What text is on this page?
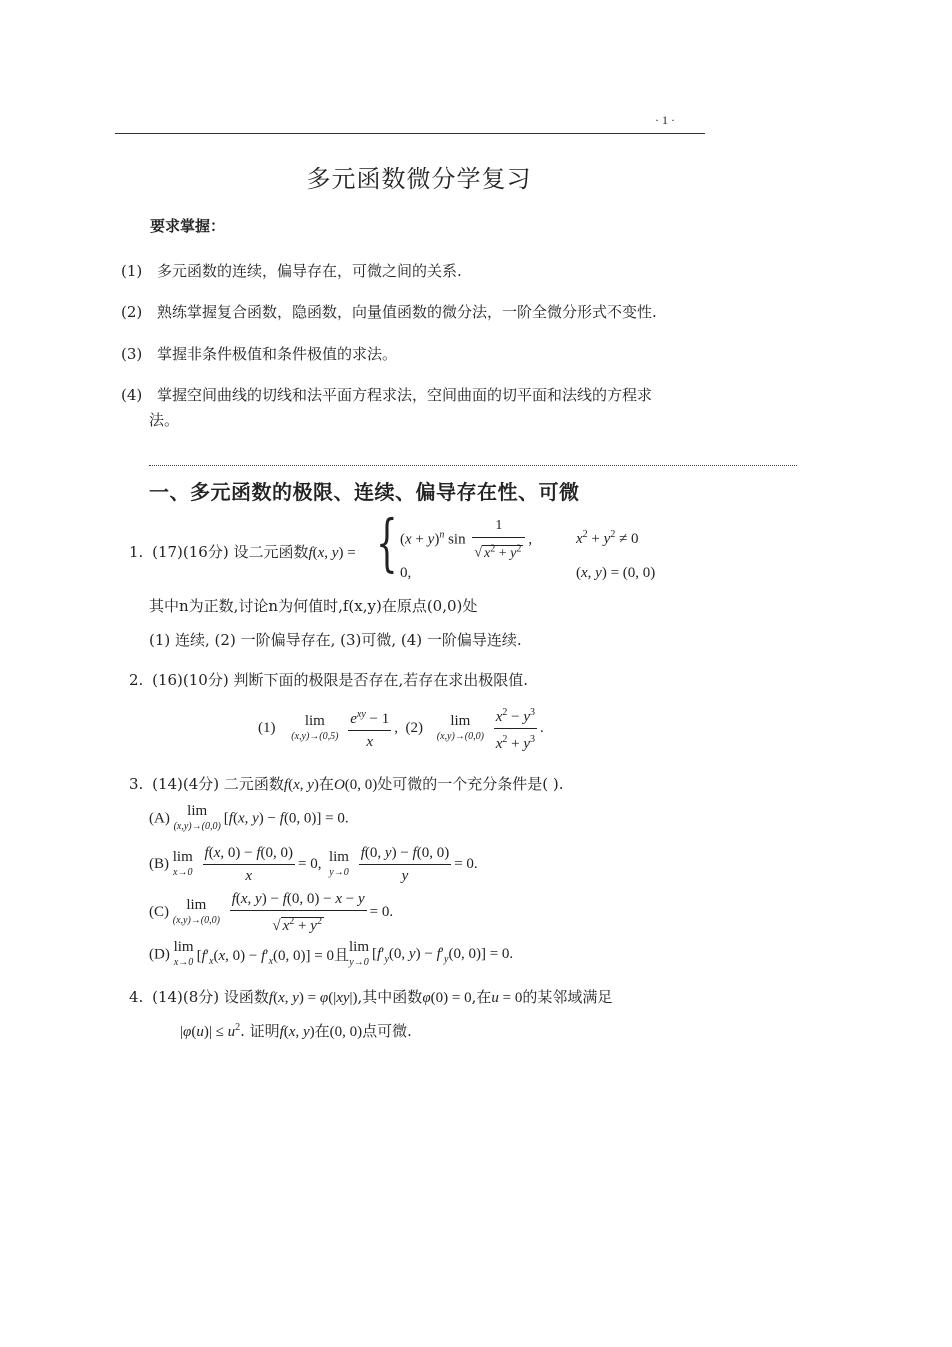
· 1 ·
多元函数微分学复习
要求掌握：
(1) 多元函数的连续，偏导存在，可微之间的关系.
(2) 熟练掌握复合函数，隐函数，向量值函数的微分法，一阶全微分形式不变性.
(3) 掌握非条件极值和条件极值的求法。
(4) 掌握空间曲线的切线和法平面方程求法，空间曲面的切平面和法线的方程求
法。
一、多元函数的极限、连续、偏导存在性、可微
1. (17)(16分) 设二元函数f(x, y) = { $(x + y)^n$ $\sin \frac{1}{√ x^2 + y^2}$ ,	$x^2 + y^2 \ne 0$
0,	(x, y) = (0, 0)
其中n为正数,讨论n为何值时,f(x,y)在原点(0,0)处
(1) 连续, (2) 一阶偏导存在, (3)可微, (4) 一阶偏导连续.
2. (16)(10分) 判断下面的极限是否存在,若存在求出极限值.
(1) lim
(x,y)→(0,5)
$\frac{e^{xy} - 1}{x}$ ,  (2) lim
(x,y)→(0,0)
$\frac{x^2 - y^3}{x^2 + y^3}$ .
3. (14)(4分) 二元函数f(x, y)在O(0, 0)处可微的一个充分条件是( ).
(A) lim
(x,y)→(0,0) [f(x, y) − f(0, 0)] = 0.
(B) lim
x→0
$\frac{f(x, 0) - f(0, 0)}{x} = 0$,  lim
y→0
$\frac{f(0, y) - f(0, 0)}{y} = 0$.
(C) lim
(x,y)→(0,0)
$\frac{f(x, y) - f(0, 0) - x - y}{√ x^2 + y^2} = 0$.
(D) lim
x→0 [$f'_x(x$, $0) - f'_x(0$, 0)] = 0且lim
y→0
[$f'_y(0$, $y) - f'_y(0$, 0)] = 0.
4. (14)(8分) 设函数f(x, y) = φ(|xy|),其中函数φ(0) = 0,在u = 0的某邻域满足
$|\varphi(u)| \le u^2$. 证明f(x, y)在(0, 0)点可微.
